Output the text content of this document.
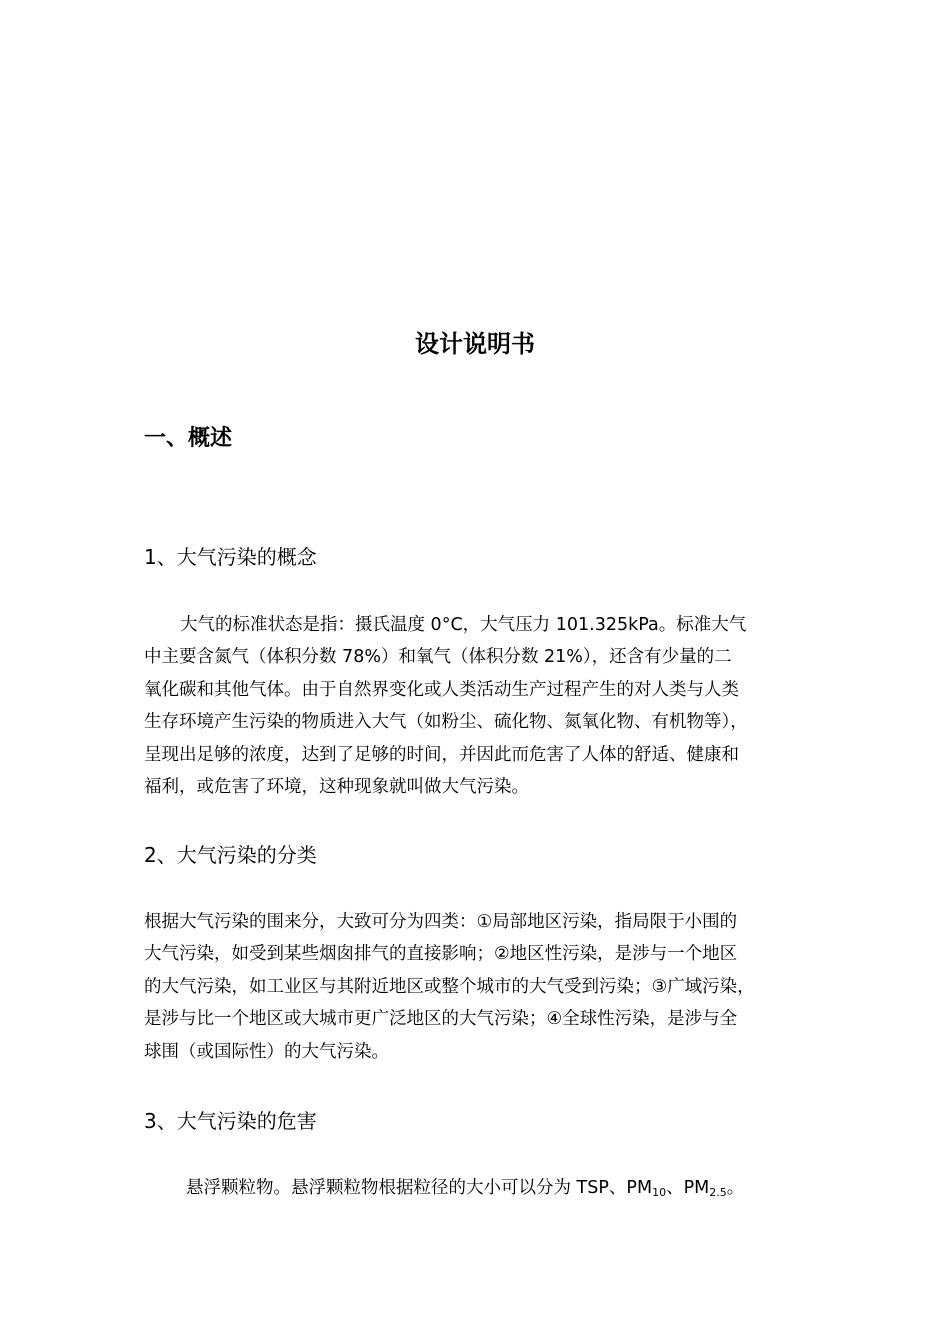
设计说明书
一、概述
1、大气污染的概念

大气的标准状态是指：摄氏温度 0°C，大气压力 101.325kPa。标准大气

中主要含氮气（体积分数 78%）和氧气（体积分数 21%），还含有少量的二

氧化碳和其他气体。由于自然界变化或人类活动生产过程产生的对人类与人类

生存环境产生污染的物质进入大气（如粉尘、硫化物、氮氧化物、有机物等），

呈现出足够的浓度，达到了足够的时间，并因此而危害了人体的舒适、健康和

福利，或危害了环境，这种现象就叫做大气污染。

2、大气污染的分类

根据大气污染的围来分，大致可分为四类：①局部地区污染，指局限于小围的

大气污染，如受到某些烟囱排气的直接影响；②地区性污染，是涉与一个地区

的大气污染，如工业区与其附近地区或整个城市的大气受到污染；③广域污染，

是涉与比一个地区或大城市更广泛地区的大气污染；④全球性污染，是涉与全

球围（或国际性）的大气污染。

3、大气污染的危害

悬浮颗粒物。悬浮颗粒物根据粒径的大小可以分为 TSP、$PM_{10}$、$PM_{2.5}$。
